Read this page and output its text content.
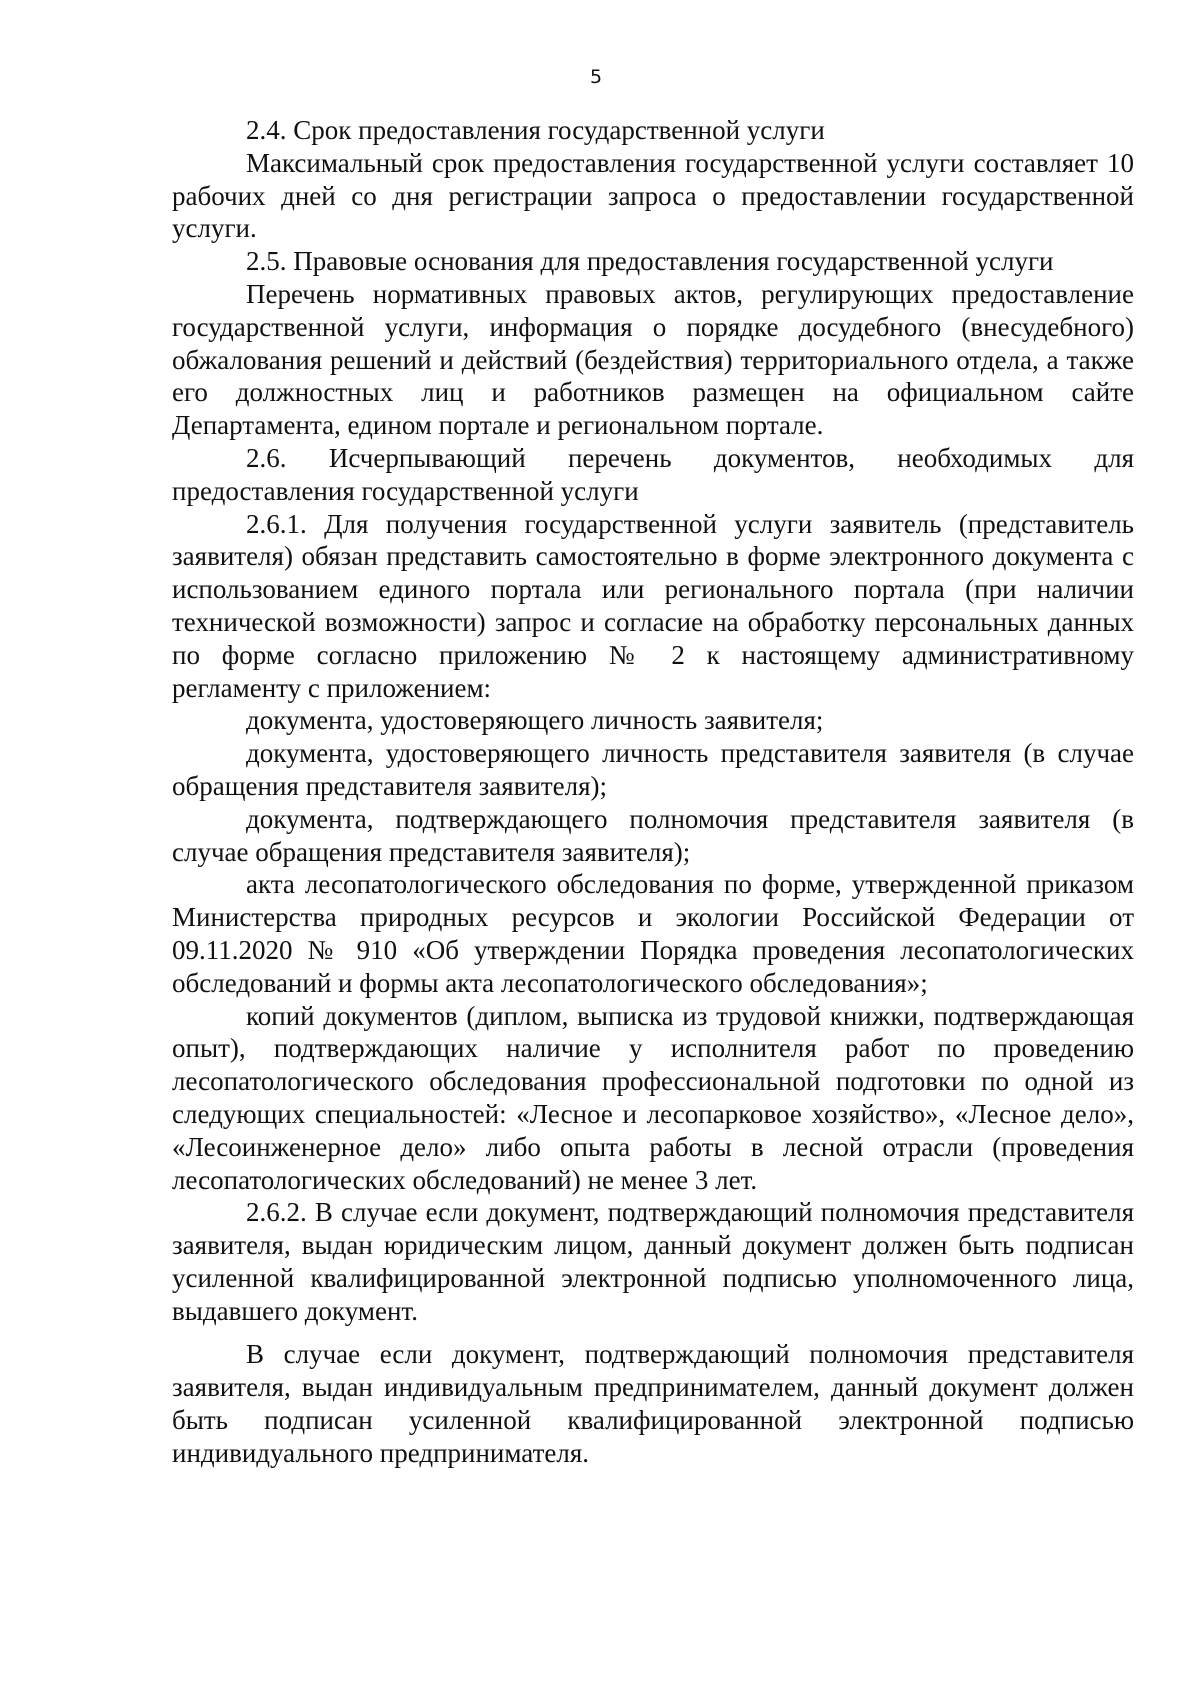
5

2.4. Срок предоставления государственной услуги

Максимальный срок предоставления государственной услуги составляет 10 рабочих дней со дня регистрации запроса о предоставлении государственной услуги.

2.5. Правовые основания для предоставления государственной услуги

Перечень нормативных правовых актов, регулирующих предоставление государственной услуги, информация о порядке досудебного (внесудебного) обжалования решений и действий (бездействия) территориального отдела, а также его должностных лиц и работников размещен на официальном сайте Департамента, едином портале и региональном портале.

2.6. Исчерпывающий перечень документов, необходимых для предоставления государственной услуги

2.6.1. Для получения государственной услуги заявитель (представитель заявителя) обязан представить самостоятельно в форме электронного документа с использованием единого портала или регионального портала (при наличии технической возможности) запрос и согласие на обработку персональных данных по форме согласно приложению № 2 к настоящему административному регламенту с приложением:

документа, удостоверяющего личность заявителя;

документа, удостоверяющего личность представителя заявителя (в случае обращения представителя заявителя);

документа, подтверждающего полномочия представителя заявителя (в случае обращения представителя заявителя);

акта лесопатологического обследования по форме, утвержденной приказом Министерства природных ресурсов и экологии Российской Федерации от 09.11.2020 № 910 «Об утверждении Порядка проведения лесопатологических обследований и формы акта лесопатологического обследования»;

копий документов (диплом, выписка из трудовой книжки, подтверждающая опыт), подтверждающих наличие у исполнителя работ по проведению лесопатологического обследования профессиональной подготовки по одной из следующих специальностей: «Лесное и лесопарковое хозяйство», «Лесное дело», «Лесоинженерное дело» либо опыта работы в лесной отрасли (проведения лесопатологических обследований) не менее 3 лет.

2.6.2. В случае если документ, подтверждающий полномочия представителя заявителя, выдан юридическим лицом, данный документ должен быть подписан усиленной квалифицированной электронной подписью уполномоченного лица, выдавшего документ.

В случае если документ, подтверждающий полномочия представителя заявителя, выдан индивидуальным предпринимателем, данный документ должен быть подписан усиленной квалифицированной электронной подписью индивидуального предпринимателя.
